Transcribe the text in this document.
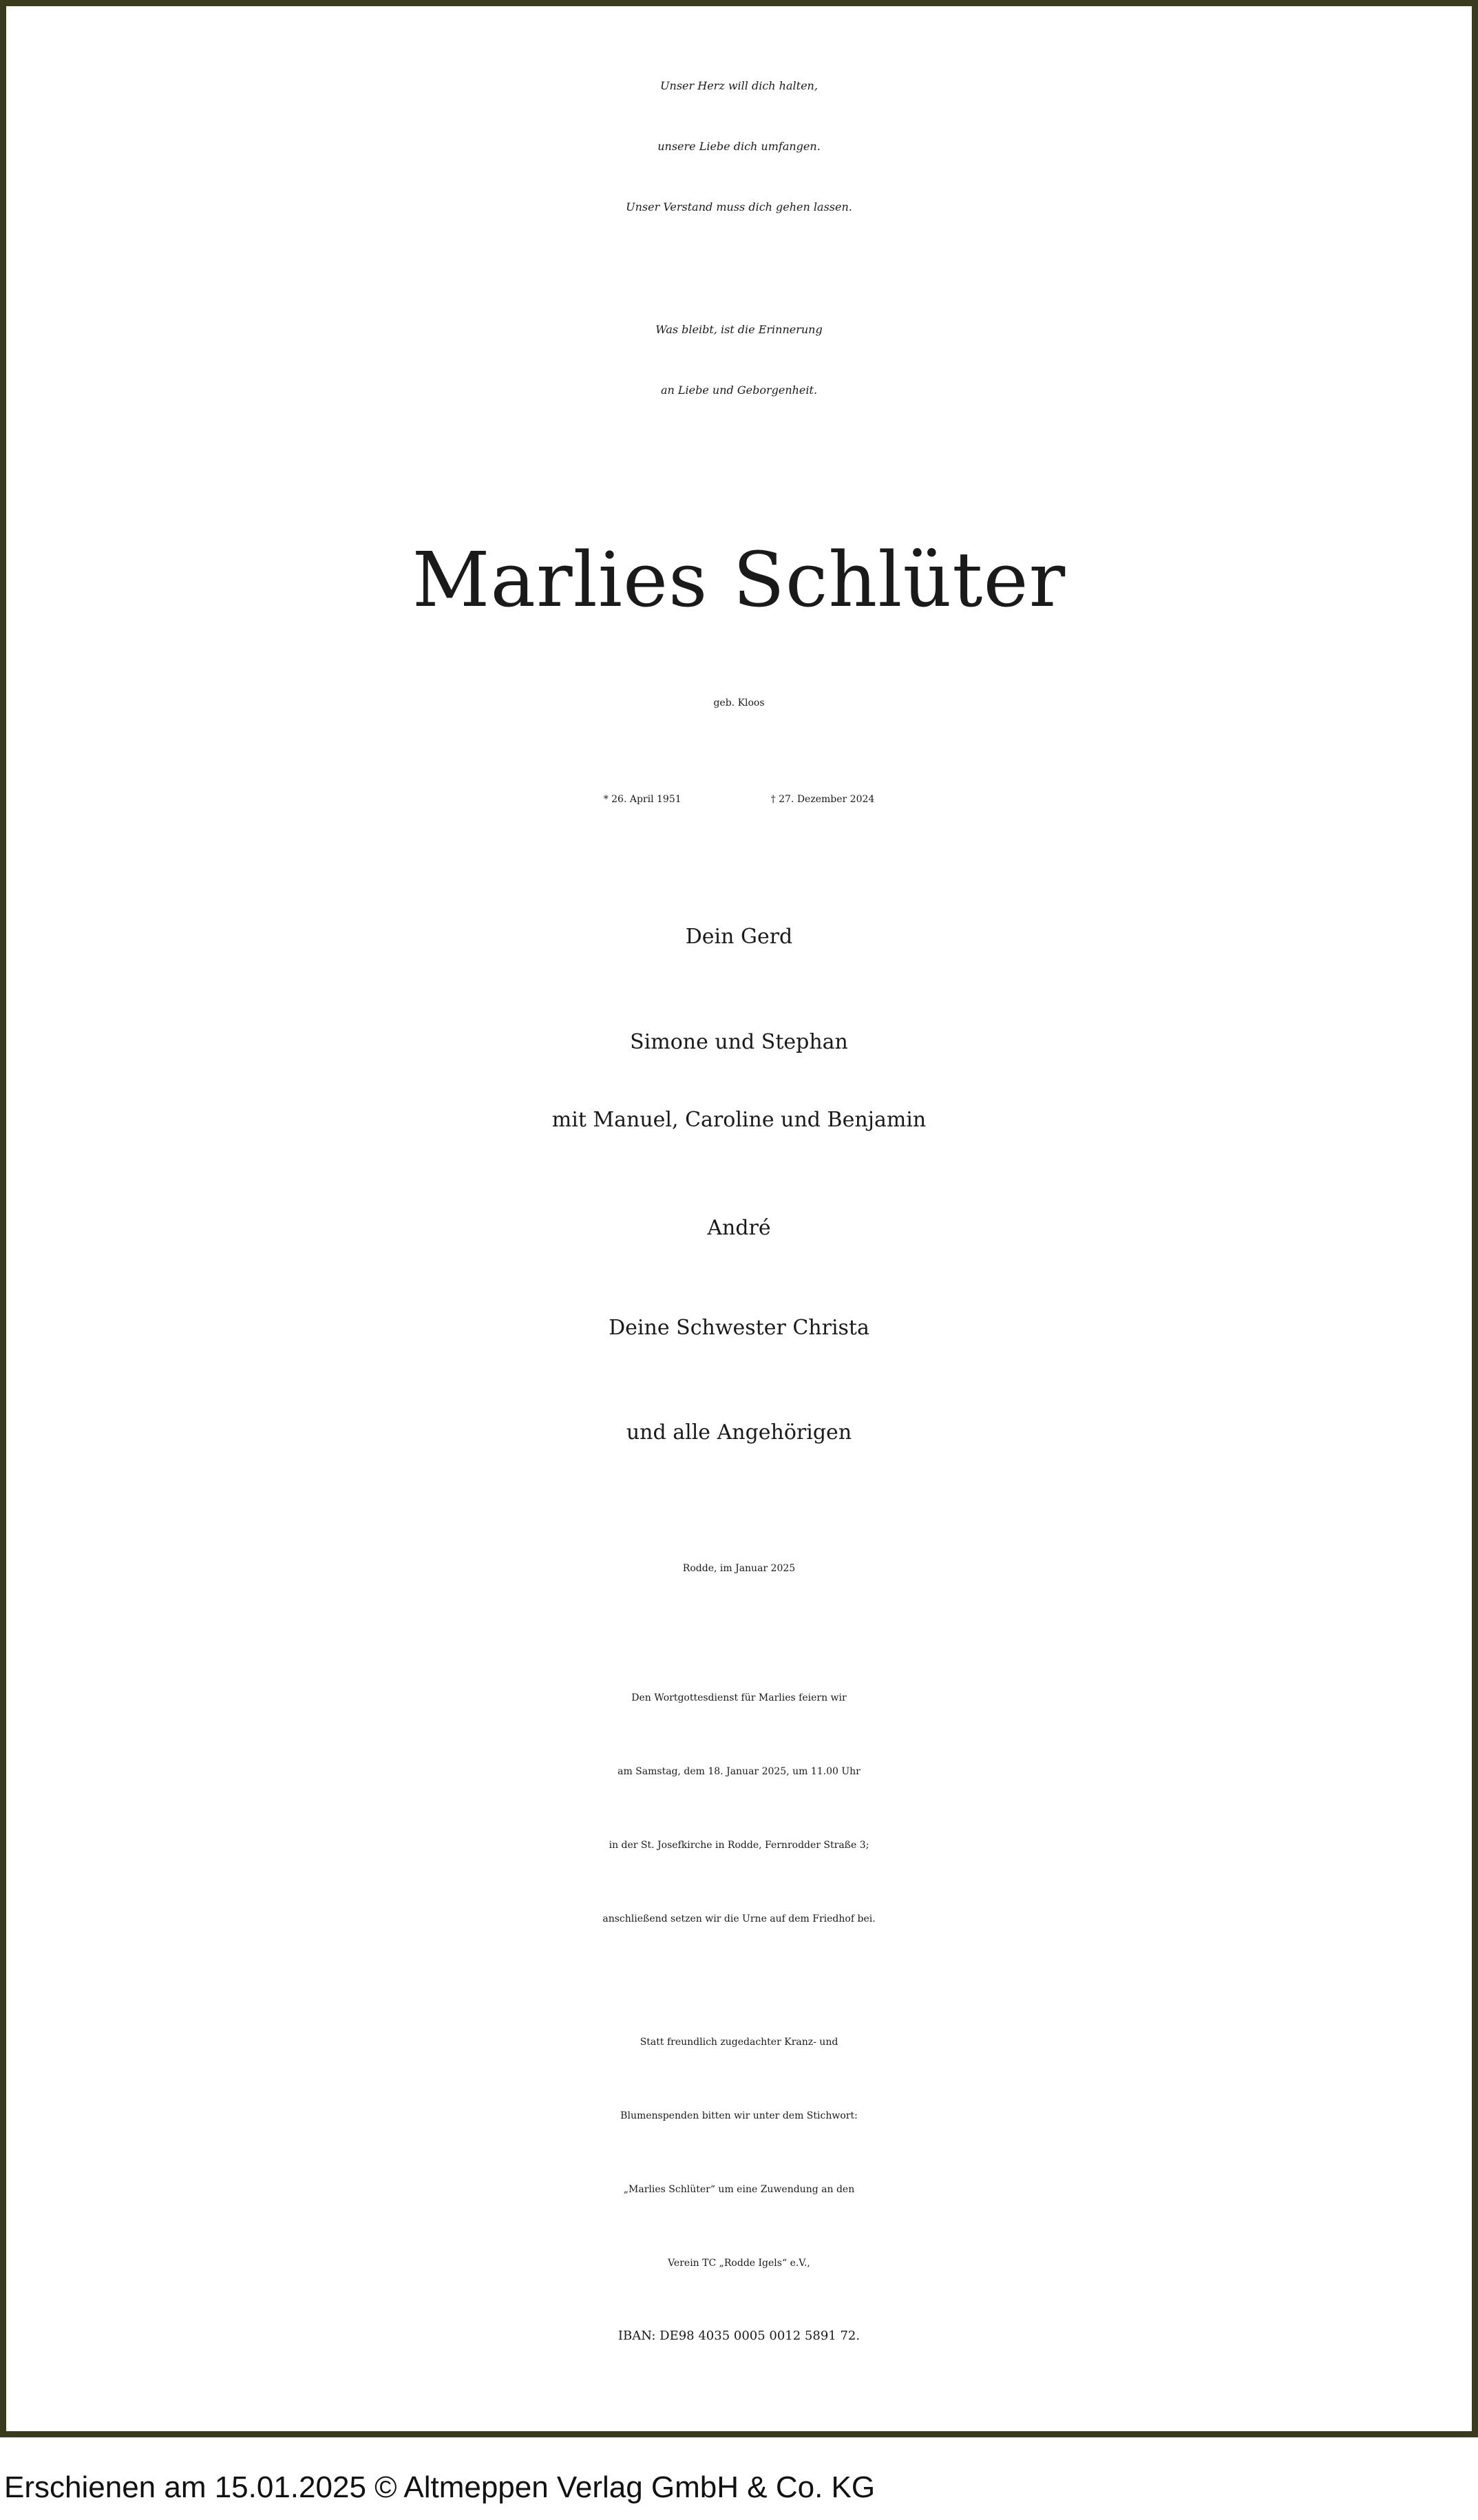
Unser Herz will dich halten,
unsere Liebe dich umfangen.
Unser Verstand muss dich gehen lassen.
Was bleibt, ist die Erinnerung
an Liebe und Geborgenheit.
Marlies Schlüter
geb. Kloos
* 26. April 1951	† 27. Dezember 2024
Dein Gerd
Simone und Stephan
mit Manuel, Caroline und Benjamin
André
Deine Schwester Christa
und alle Angehörigen
Rodde, im Januar 2025
Den Wortgottesdienst für Marlies feiern wir
am Samstag, dem 18. Januar 2025, um 11.00 Uhr
in der St. Josefkirche in Rodde, Fernrodder Straße 3;
anschließend setzen wir die Urne auf dem Friedhof bei.
Statt freundlich zugedachter Kranz- und
Blumenspenden bitten wir unter dem Stichwort:
„Marlies Schlüter“ um eine Zuwendung an den
Verein TC „Rodde Igels“ e.V.,
IBAN: DE98 4035 0005 0012 5891 72.
Erschienen am 15.01.2025 © Altmeppen Verlag GmbH & Co. KG
